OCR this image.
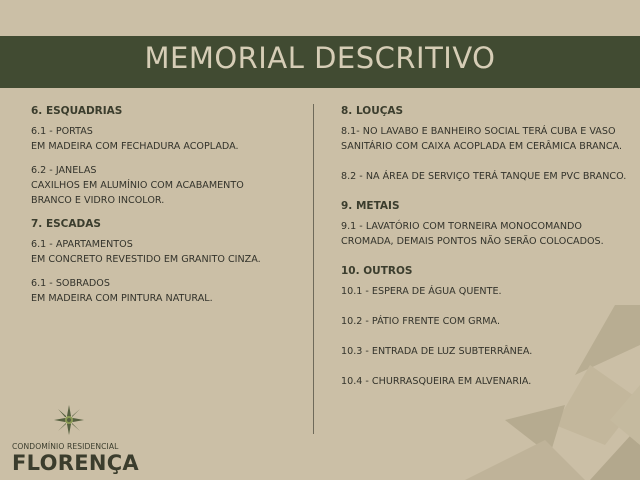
MEMORIAL DESCRITIVO

6. ESQUADRIAS

6.1 - PORTAS

EM MADEIRA COM FECHADURA ACOPLADA.

6.2 - JANELAS

CAXILHOS EM ALUMÍNIO COM ACABAMENTO

BRANCO E VIDRO INCOLOR.

7. ESCADAS

6.1 - APARTAMENTOS

EM CONCRETO REVESTIDO EM GRANITO CINZA.

6.1 - SOBRADOS

EM MADEIRA COM PINTURA NATURAL.

8. LOUÇAS

8.1- NO LAVABO E BANHEIRO SOCIAL TERÁ CUBA E VASO

SANITÁRIO COM CAIXA ACOPLADA EM CERÂMICA BRANCA.

8.2 - NA ÁREA DE SERVIÇO TERÁ TANQUE EM PVC BRANCO.

9. METAIS

9.1 - LAVATÓRIO COM TORNEIRA MONOCOMANDO

CROMADA, DEMAIS PONTOS NÃO SERÃO COLOCADOS.

10. OUTROS

10.1 - ESPERA DE ÁGUA QUENTE.

10.2 - PÁTIO FRENTE COM GRMA.

10.3 - ENTRADA DE LUZ SUBTERRÂNEA.

10.4 - CHURRASQUEIRA EM ALVENARIA.

CONDOMÍNIO RESIDENCIAL
FLORENÇA
